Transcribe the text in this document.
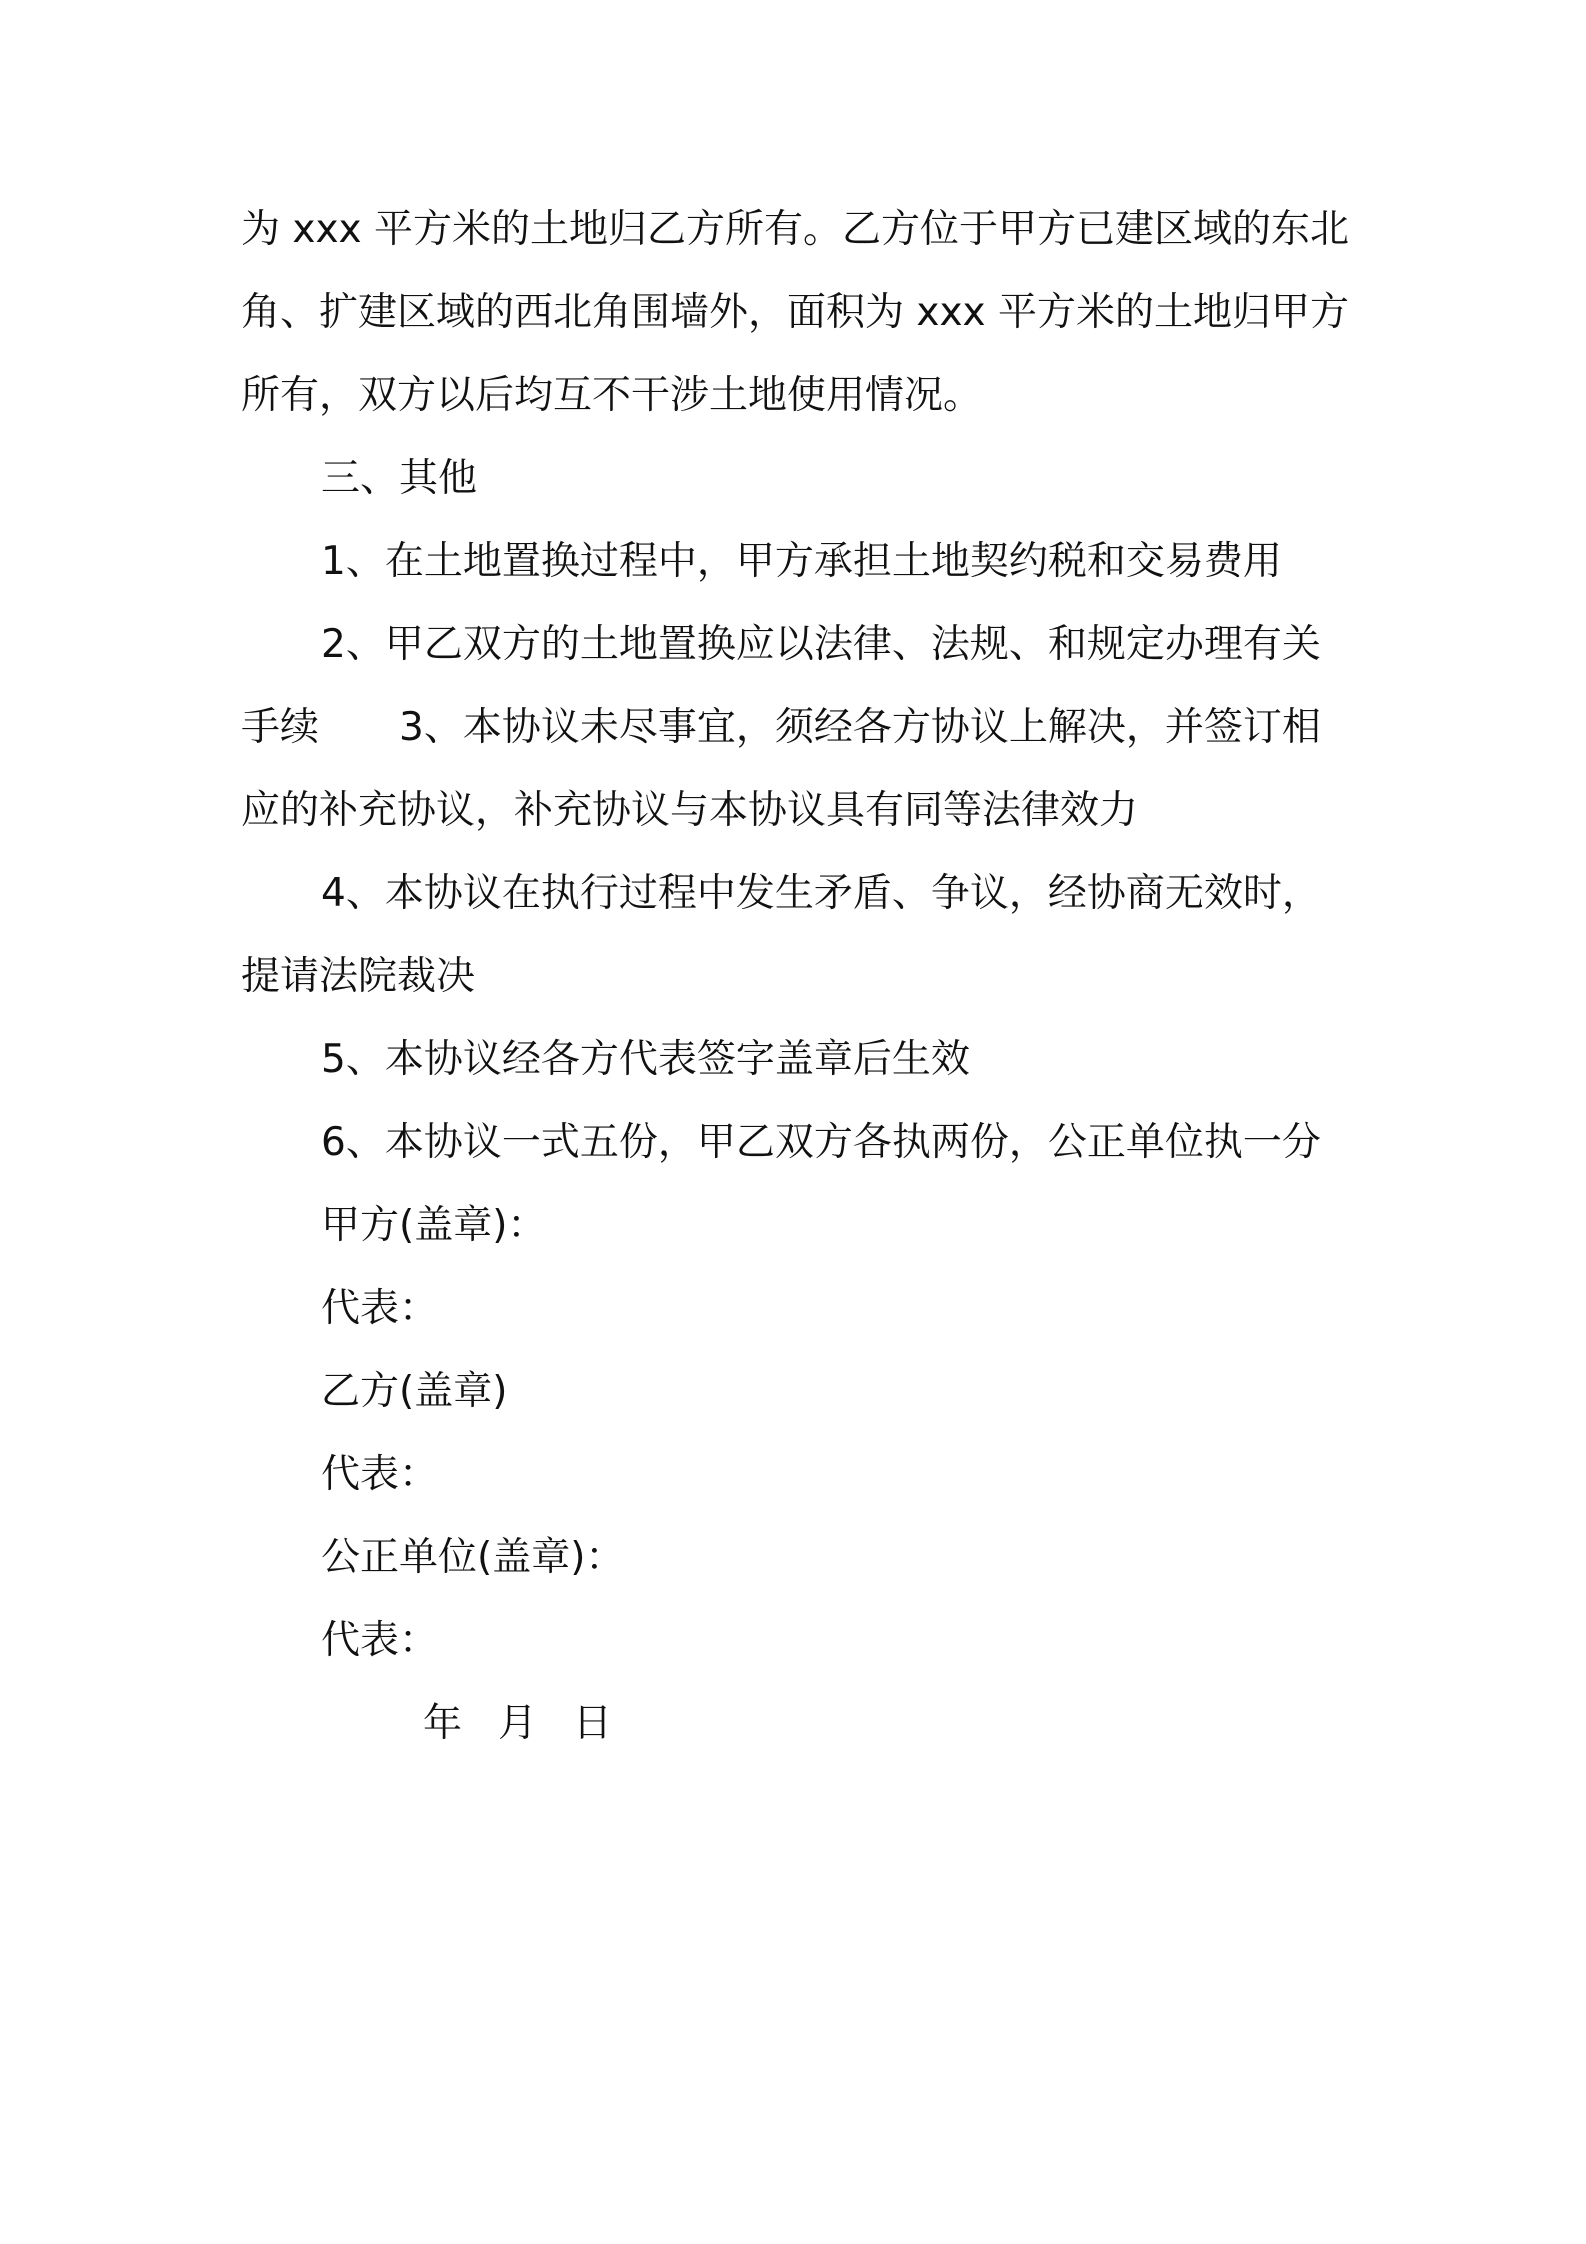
为 xxx 平方米的土地归乙方所有。乙方位于甲方已建区域的东北
角、扩建区域的西北角围墙外，面积为 xxx 平方米的土地归甲方
所有，双方以后均互不干涉土地使用情况。
三、其他
1、在土地置换过程中，甲方承担土地契约税和交易费用
2、甲乙双方的土地置换应以法律、法规、和规定办理有关
手续 3、本协议未尽事宜，须经各方协议上解决，并签订相
应的补充协议，补充协议与本协议具有同等法律效力
4、本协议在执行过程中发生矛盾、争议，经协商无效时，
提请法院裁决
5、本协议经各方代表签字盖章后生效
6、本协议一式五份，甲乙双方各执两份，公正单位执一分
甲方(盖章)：
代表：
乙方(盖章)
代表：
公正单位(盖章)：
代表：
年 月 日
